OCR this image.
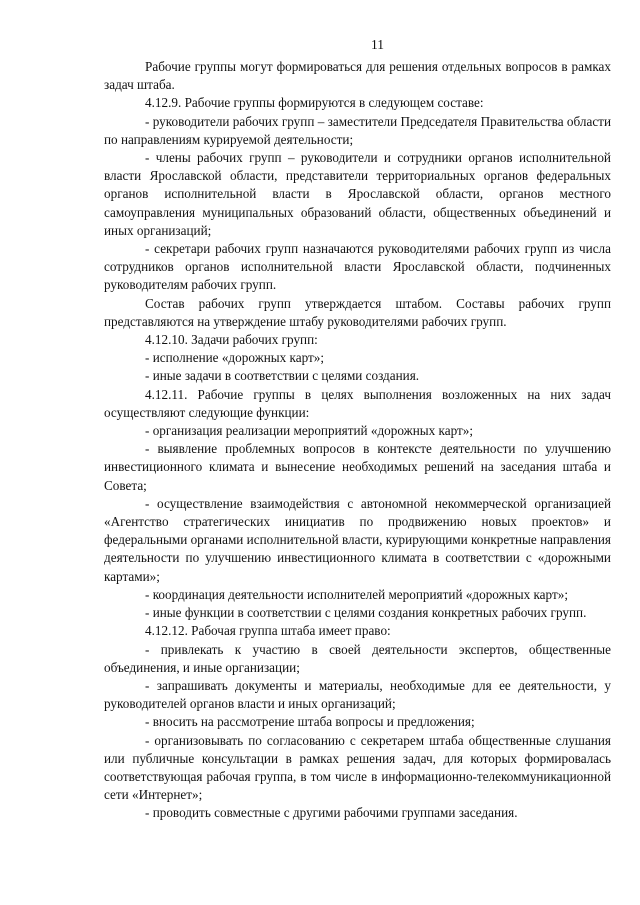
11

Рабочие группы могут формироваться для решения отдельных вопросов в рамках задач штаба.

4.12.9. Рабочие группы формируются в следующем составе:

- руководители рабочих групп – заместители Председателя Правительства области по направлениям курируемой деятельности;

- члены рабочих групп – руководители и сотрудники органов исполнительной власти Ярославской области, представители территориальных органов федеральных органов исполнительной власти в Ярославской области, органов местного самоуправления муниципальных образований области, общественных объединений и иных организаций;

- секретари рабочих групп назначаются руководителями рабочих групп из числа сотрудников органов исполнительной власти Ярославской области, подчиненных руководителям рабочих групп.

Состав рабочих групп утверждается штабом. Составы рабочих групп представляются на утверждение штабу руководителями рабочих групп.

4.12.10. Задачи рабочих групп:

- исполнение «дорожных карт»;

- иные задачи в соответствии с целями создания.

4.12.11. Рабочие группы в целях выполнения возложенных на них задач осуществляют следующие функции:

- организация реализации мероприятий «дорожных карт»;

- выявление проблемных вопросов в контексте деятельности по улучшению инвестиционного климата и вынесение необходимых решений на заседания штаба и Совета;

- осуществление взаимодействия с автономной некоммерческой организацией «Агентство стратегических инициатив по продвижению новых проектов» и федеральными органами исполнительной власти, курирующими конкретные направления деятельности по улучшению инвестиционного климата в соответствии с «дорожными картами»;

- координация деятельности исполнителей мероприятий «дорожных карт»;

- иные функции в соответствии с целями создания конкретных рабочих групп.

4.12.12. Рабочая группа штаба имеет право:

- привлекать к участию в своей деятельности экспертов, общественные объединения, и иные организации;

- запрашивать документы и материалы, необходимые для ее деятельности, у руководителей органов власти и иных организаций;

- вносить на рассмотрение штаба вопросы и предложения;

- организовывать по согласованию с секретарем штаба общественные слушания или публичные консультации в рамках решения задач, для которых формировалась соответствующая рабочая группа, в том числе в информационно-телекоммуникационной сети «Интернет»;

- проводить совместные с другими рабочими группами заседания.
